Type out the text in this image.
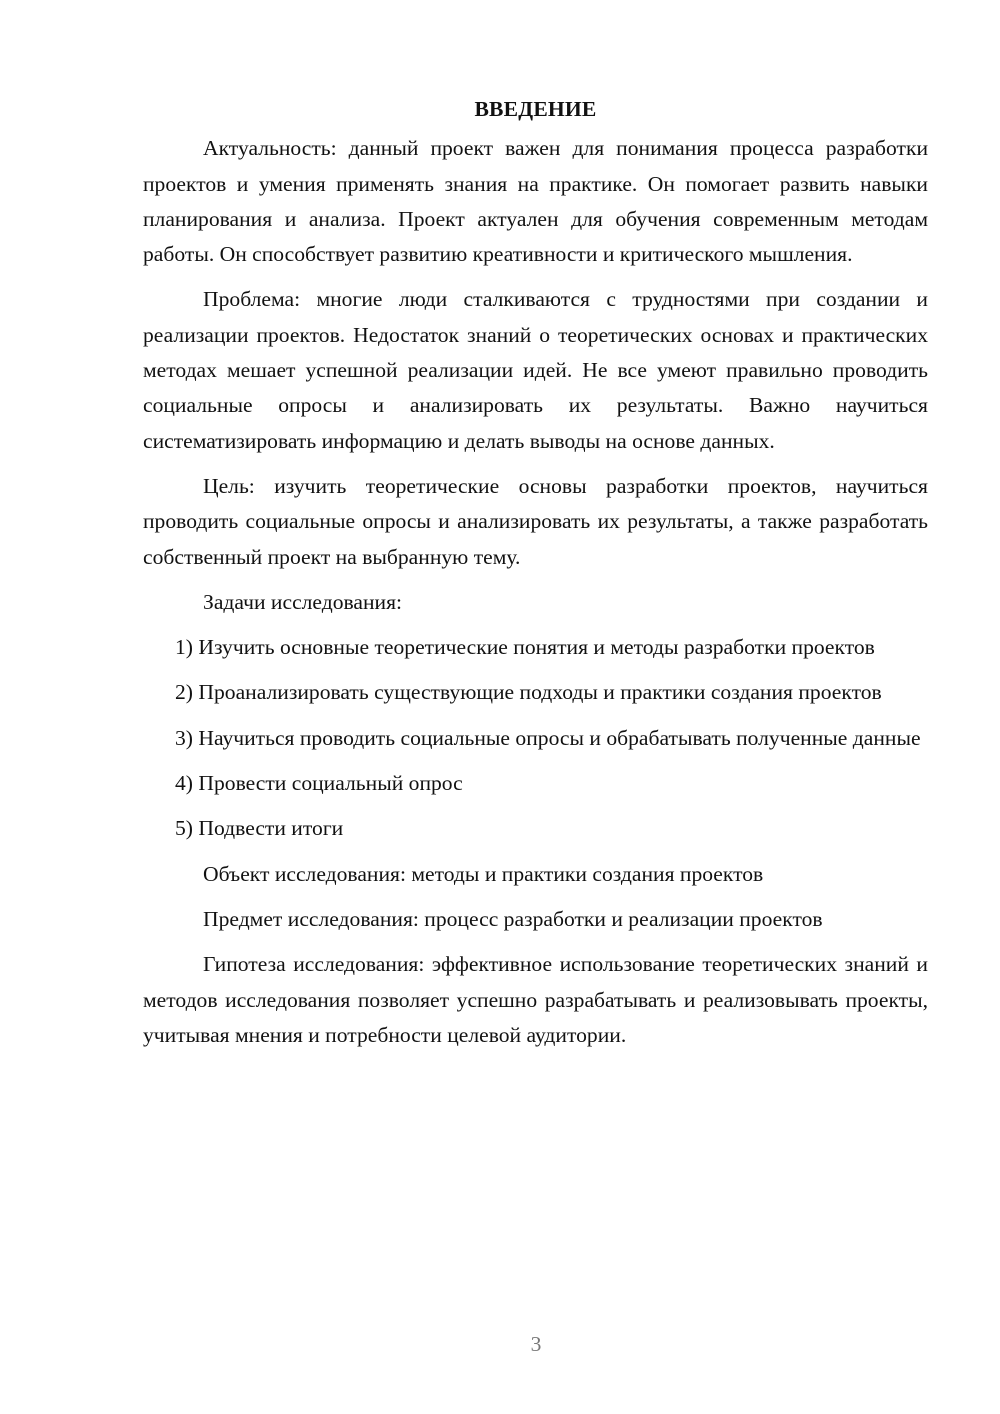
ВВЕДЕНИЕ

Актуальность: данный проект важен для понимания процесса разработки проектов и умения применять знания на практике. Он помогает развить навыки планирования и анализа. Проект актуален для обучения современным методам работы. Он способствует развитию креативности и критического мышления.

Проблема: многие люди сталкиваются с трудностями при создании и реализации проектов. Недостаток знаний о теоретических основах и практических методах мешает успешной реализации идей. Не все умеют правильно проводить социальные опросы и анализировать их результаты. Важно научиться систематизировать информацию и делать выводы на основе данных.

Цель: изучить теоретические основы разработки проектов, научиться проводить социальные опросы и анализировать их результаты, а также разработать собственный проект на выбранную тему.

Задачи исследования:

1) Изучить основные теоретические понятия и методы разработки проектов

2) Проанализировать существующие подходы и практики создания проектов

3) Научиться проводить социальные опросы и обрабатывать полученные данные

4) Провести социальный опрос

5) Подвести итоги

Объект исследования: методы и практики создания проектов

Предмет исследования: процесс разработки и реализации проектов

Гипотеза исследования: эффективное использование теоретических знаний и методов исследования позволяет успешно разрабатывать и реализовывать проекты, учитывая мнения и потребности целевой аудитории.

3
